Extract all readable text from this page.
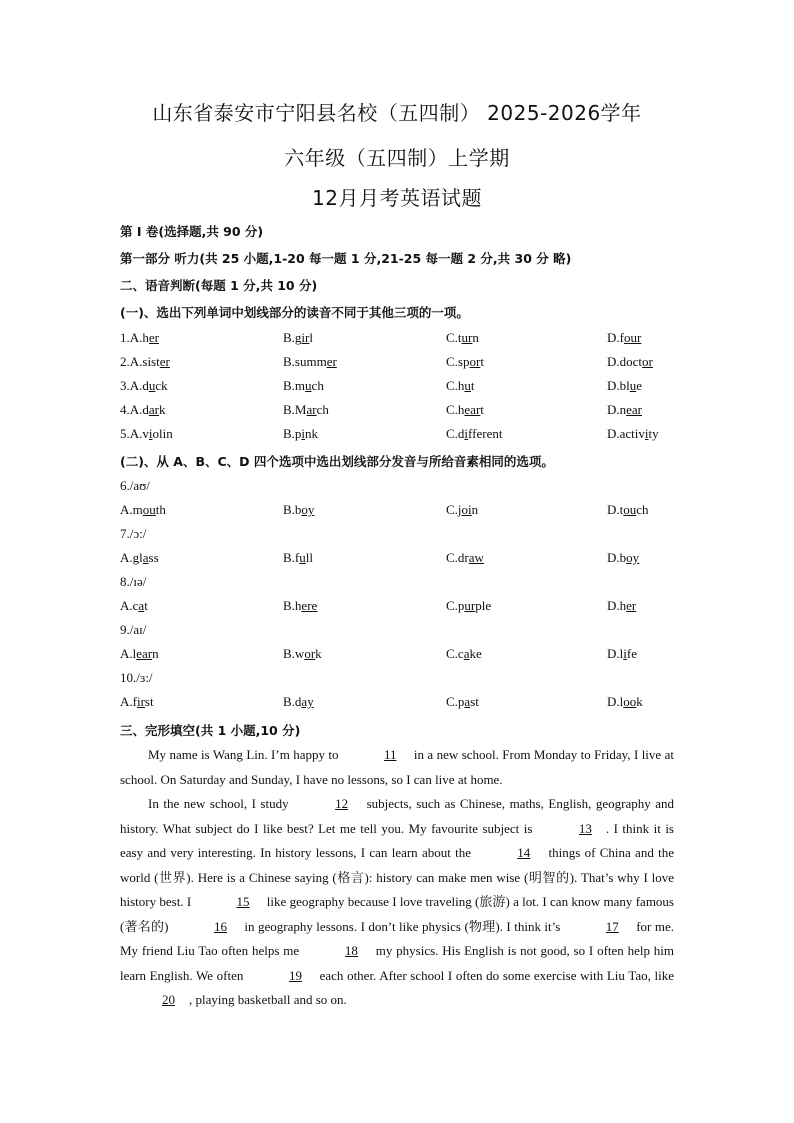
山东省泰安市宁阳县名校（五四制） 2025-2026学年
六年级（五四制）上学期
12月月考英语试题
第 I 卷(选择题,共 90 分)
第一部分 听力(共 25 小题,1-20 每一题 1 分,21-25 每一题 2 分,共 30 分 略)
二、语音判断(每题 1 分,共 10 分)
(一)、选出下列单词中划线部分的读音不同于其他三项的一项。
1.A.her	B.girl	C.turn	D.four
2.A.sister	B.summer	C.sport	D.doctor
3.A.duck	B.much	C.hut	D.blue
4.A.dark	B.March	C.heart	D.near
5.A.violin	B.pink	C.different	D.activity
(二)、从 A、B、C、D 四个选项中选出划线部分发音与所给音素相同的选项。
6./aʊ/
A.mouth	B.boy	C.join	D.touch
7./ɔ:/
A.glass	B.full	C.draw	D.boy
8./ɪə/
A.cat	B.here	C.purple	D.her
9./aɪ/
A.learn	B.work	C.cake	D.life
10./ɜ:/
A.first	B.day	C.past	D.look
三、完形填空(共 1 小题,10 分)

My name is Wang Lin. I’m happy to	11 in a new school. From Monday to Friday, I live at school. On Saturday and Sunday, I have no lessons, so I can live at home.

In the new school, I study	12 subjects, such as Chinese, maths, English, geography and history. What subject do I like best? Let me tell you. My favourite subject is	13 . I think it is easy and very interesting. In history lessons, I can learn about the	14 things of China and the world (世界). Here is a Chinese saying (格言): history can make men wise (明智的). That’s why I love history best. I	15 like geography because I love traveling (旅游) a lot. I can know many famous (著名的)	16 in geography lessons. I don’t like physics (物理). I think it’s	17 for me. My friend Liu Tao often helps me	18 my physics. His English is not good, so I often help him learn English. We often	19 each other. After school I often do some exercise with Liu Tao, like 20 , playing basketball and so on.
